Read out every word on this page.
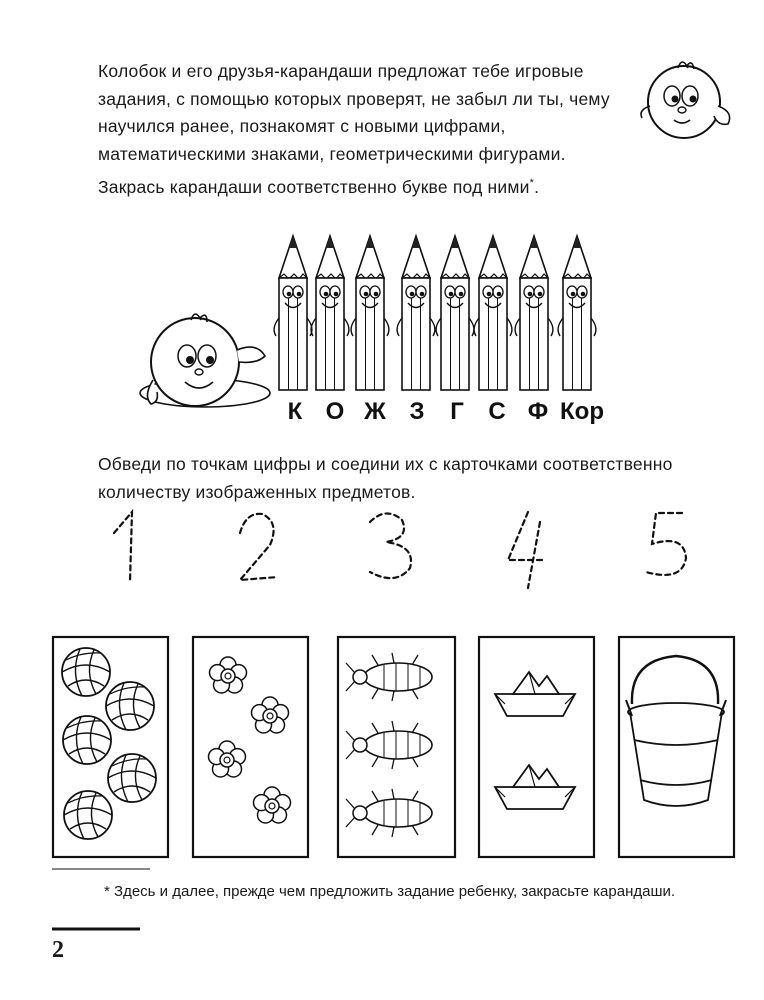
Колобок и его друзья-карандаши предложат тебе игровые задания, с помощью которых проверят, не забыл ли ты, чему научился ранее, познакомят с новыми цифрами, математическими знаками, геометрическими фигурами.

Закрась карандаши соответственно букве под ними*.

К О Ж З Г С Ф Кор

Обведи по точкам цифры и соедини их с карточками соответственно количеству изображенных предметов.

* Здесь и далее, прежде чем предложить задание ребенку, закрасьте карандаши.

2
